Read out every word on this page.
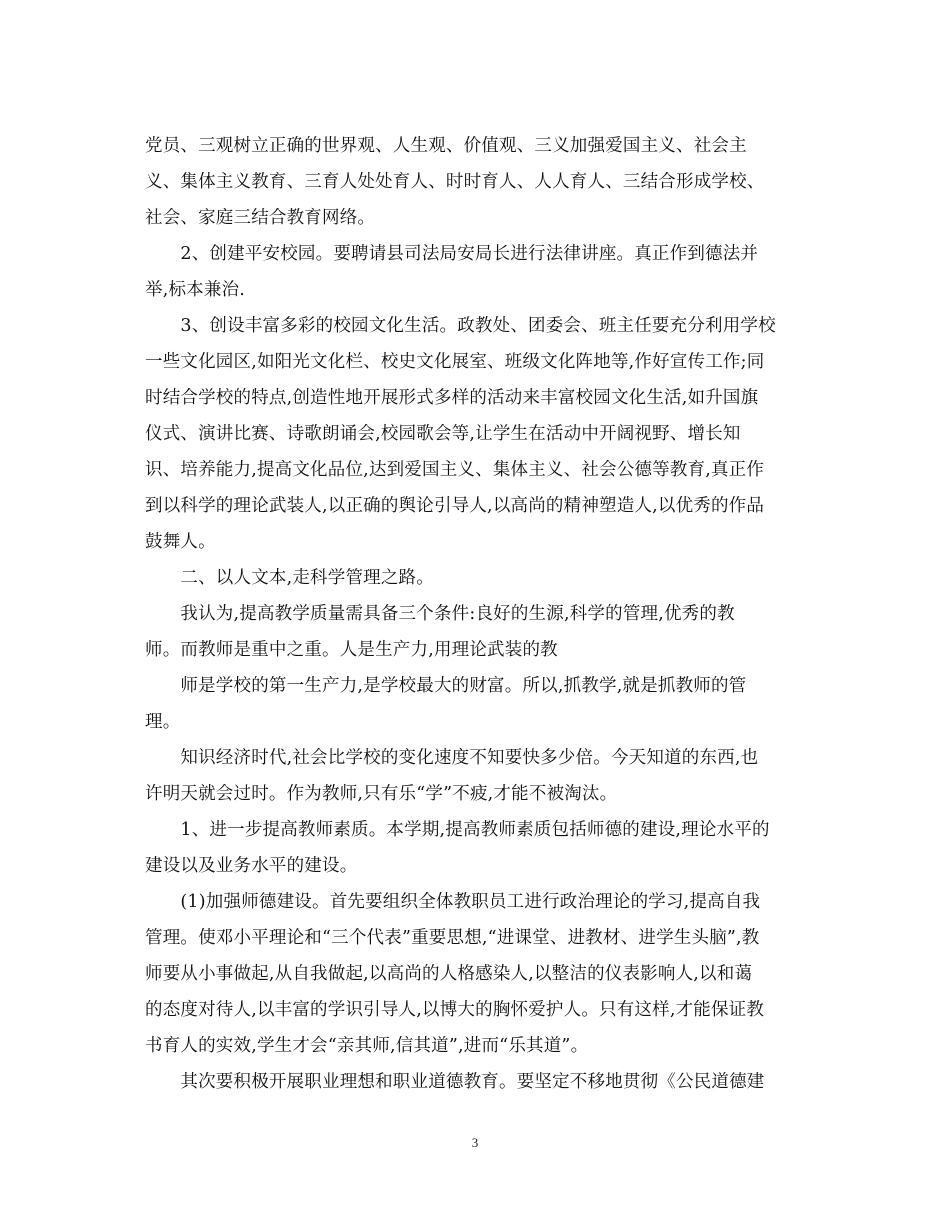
党员、三观树立正确的世界观、人生观、价值观、三义加强爱国主义、社会主

义、集体主义教育、三育人处处育人、时时育人、人人育人、三结合形成学校、

社会、家庭三结合教育网络。

　　2、创建平安校园。要聘请县司法局安局长进行法律讲座。真正作到德法并

举,标本兼治.

　　3、创设丰富多彩的校园文化生活。政教处、团委会、班主任要充分利用学校

一些文化园区,如阳光文化栏、校史文化展室、班级文化阵地等,作好宣传工作;同

时结合学校的特点,创造性地开展形式多样的活动来丰富校园文化生活,如升国旗

仪式、演讲比赛、诗歌朗诵会,校园歌会等,让学生在活动中开阔视野、增长知

识、培养能力,提高文化品位,达到爱国主义、集体主义、社会公德等教育,真正作

到以科学的理论武装人,以正确的舆论引导人,以高尚的精神塑造人,以优秀的作品

鼓舞人。

　　二、以人文本,走科学管理之路。

　　我认为,提高教学质量需具备三个条件:良好的生源,科学的管理,优秀的教

师。而教师是重中之重。人是生产力,用理论武装的教

　　师是学校的第一生产力,是学校最大的财富。所以,抓教学,就是抓教师的管

理。

　　知识经济时代,社会比学校的变化速度不知要快多少倍。今天知道的东西,也

许明天就会过时。作为教师,只有乐“学”不疲,才能不被淘汰。

　　1、进一步提高教师素质。本学期,提高教师素质包括师德的建设,理论水平的

建设以及业务水平的建设。

　　(1)加强师德建设。首先要组织全体教职员工进行政治理论的学习,提高自我

管理。使邓小平理论和“三个代表”重要思想,“进课堂、进教材、进学生头脑”,教

师要从小事做起,从自我做起,以高尚的人格感染人,以整洁的仪表影响人,以和蔼

的态度对待人,以丰富的学识引导人,以博大的胸怀爱护人。只有这样,才能保证教

书育人的实效,学生才会“亲其师,信其道”,进而“乐其道”。

　　其次要积极开展职业理想和职业道德教育。要坚定不移地贯彻《公民道德建

3
